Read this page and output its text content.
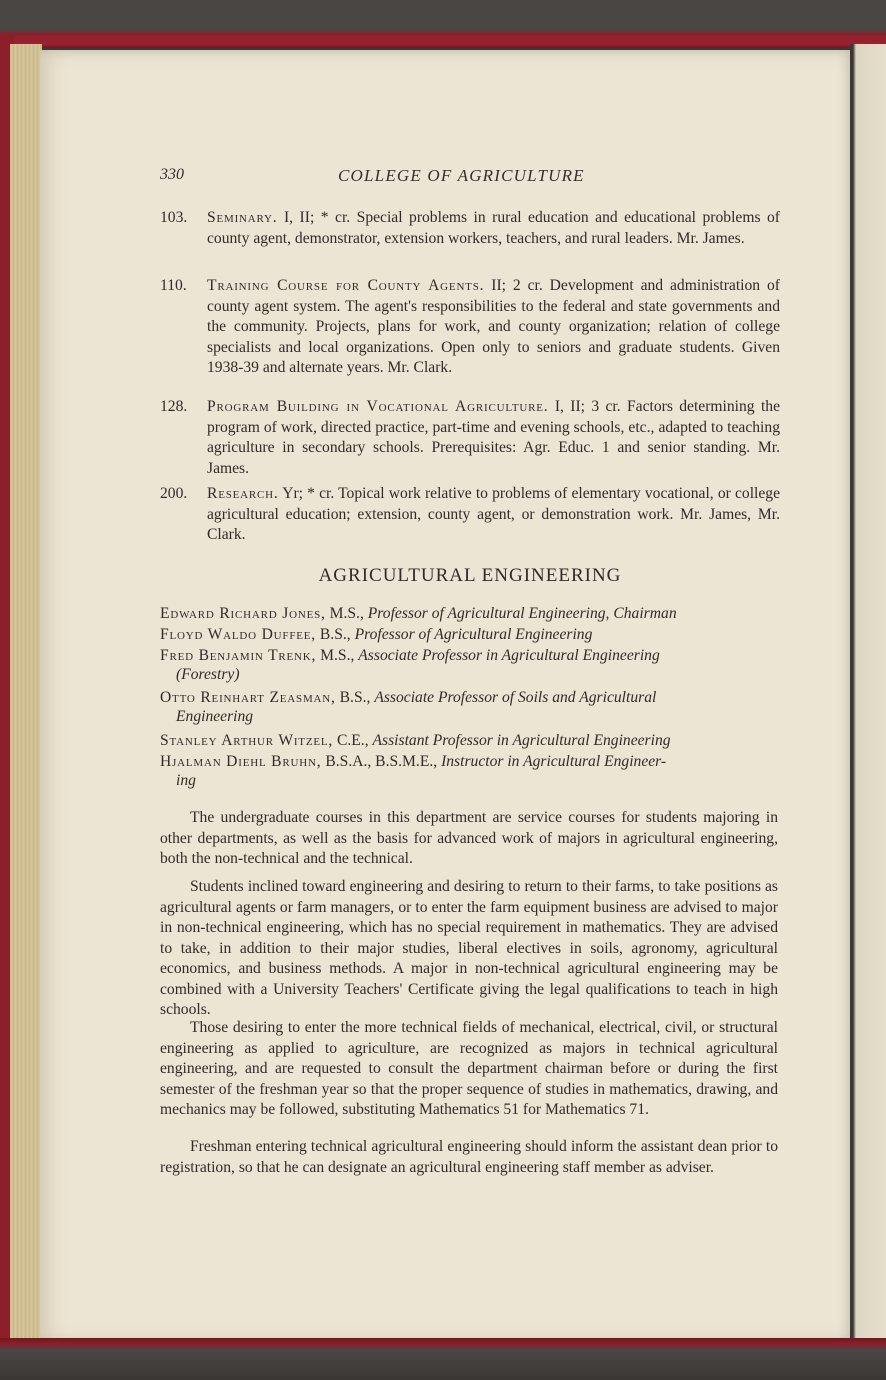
330	COLLEGE OF AGRICULTURE
103.	Seminary. I, II; * cr. Special problems in rural education and educational problems of county agent, demonstrator, extension workers, teachers, and rural leaders. Mr. James.
110.	Training Course for County Agents. II; 2 cr. Development and administration of county agent system. The agent's responsibilities to the federal and state governments and the community. Projects, plans for work, and county organization; relation of college specialists and local organizations. Open only to seniors and graduate students. Given 1938-39 and alternate years. Mr. Clark.
128.	Program Building in Vocational Agriculture. I, II; 3 cr. Factors determining the program of work, directed practice, part-time and evening schools, etc., adapted to teaching agriculture in secondary schools. Prerequisites: Agr. Educ. 1 and senior standing. Mr. James.
200.	Research. Yr; * cr. Topical work relative to problems of elementary vocational, or college agricultural education; extension, county agent, or demonstration work. Mr. James, Mr. Clark.
AGRICULTURAL ENGINEERING
Edward Richard Jones, M.S., Professor of Agricultural Engineering, Chairman
Floyd Waldo Duffee, B.S., Professor of Agricultural Engineering
Fred Benjamin Trenk, M.S., Associate Professor in Agricultural Engineering
(Forestry)
Otto Reinhart Zeasman, B.S., Associate Professor of Soils and Agricultural
Engineering
Stanley Arthur Witzel, C.E., Assistant Professor in Agricultural Engineering
Hjalman Diehl Bruhn, B.S.A., B.S.M.E., Instructor in Agricultural Engineer-
ing
The undergraduate courses in this department are service courses for students majoring in other departments, as well as the basis for advanced work of majors in agricultural engineering, both the non-technical and the technical.
Students inclined toward engineering and desiring to return to their farms, to take positions as agricultural agents or farm managers, or to enter the farm equipment business are advised to major in non-technical engineering, which has no special requirement in mathematics. They are advised to take, in addition to their major studies, liberal electives in soils, agronomy, agricultural economics, and business methods. A major in non-technical agricultural engineering may be combined with a University Teachers' Certificate giving the legal qualifications to teach in high schools.
Those desiring to enter the more technical fields of mechanical, electrical, civil, or structural engineering as applied to agriculture, are recognized as majors in technical agricultural engineering, and are requested to consult the department chairman before or during the first semester of the freshman year so that the proper sequence of studies in mathematics, drawing, and mechanics may be followed, substituting Mathematics 51 for Mathematics 71.
Freshman entering technical agricultural engineering should inform the assistant dean prior to registration, so that he can designate an agricultural engineering staff member as adviser.
